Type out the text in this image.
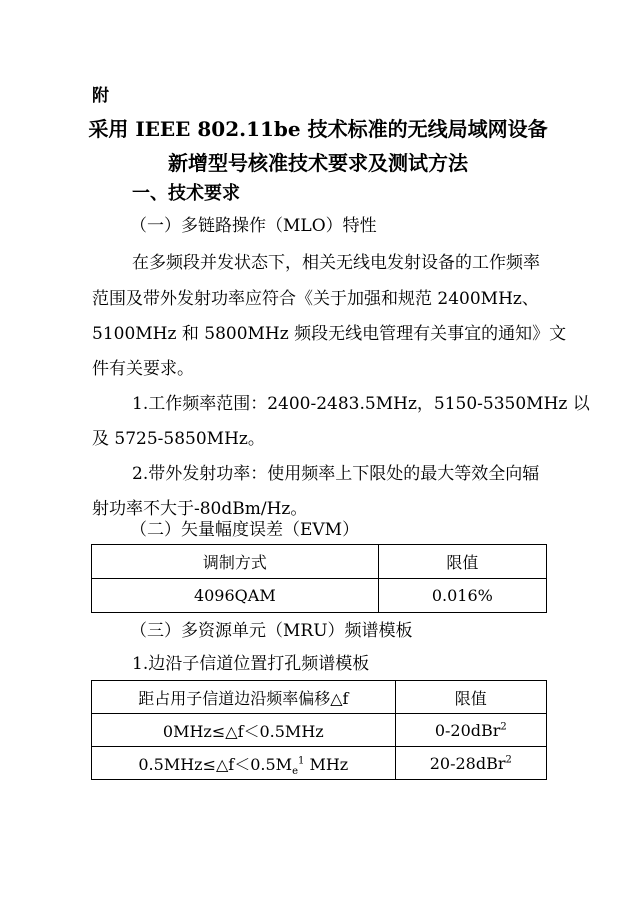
附
采用 IEEE 802.11be 技术标准的无线局域网设备
新增型号核准技术要求及测试方法
一、技术要求
（一）多链路操作（MLO）特性
在多频段并发状态下，相关无线电发射设备的工作频率
范围及带外发射功率应符合《关于加强和规范 2400MHz、
5100MHz 和 5800MHz 频段无线电管理有关事宜的通知》文
件有关要求。
1.工作频率范围：2400-2483.5MHz，5150-5350MHz 以
及 5725-5850MHz。
2.带外发射功率：使用频率上下限处的最大等效全向辐
射功率不大于-80dBm/Hz。
（二）矢量幅度误差（EVM）
调制方式	限值
4096QAM	0.016%
（三）多资源单元（MRU）频谱模板
1.边沿子信道位置打孔频谱模板
距占用子信道边沿频率偏移△f	限值
0MHz≤△f＜0.5MHz	0-20dBr$^2$
$0.5MHz\le\triangle f<0.5M_e^1$ MHz	20-28dBr$^2$
